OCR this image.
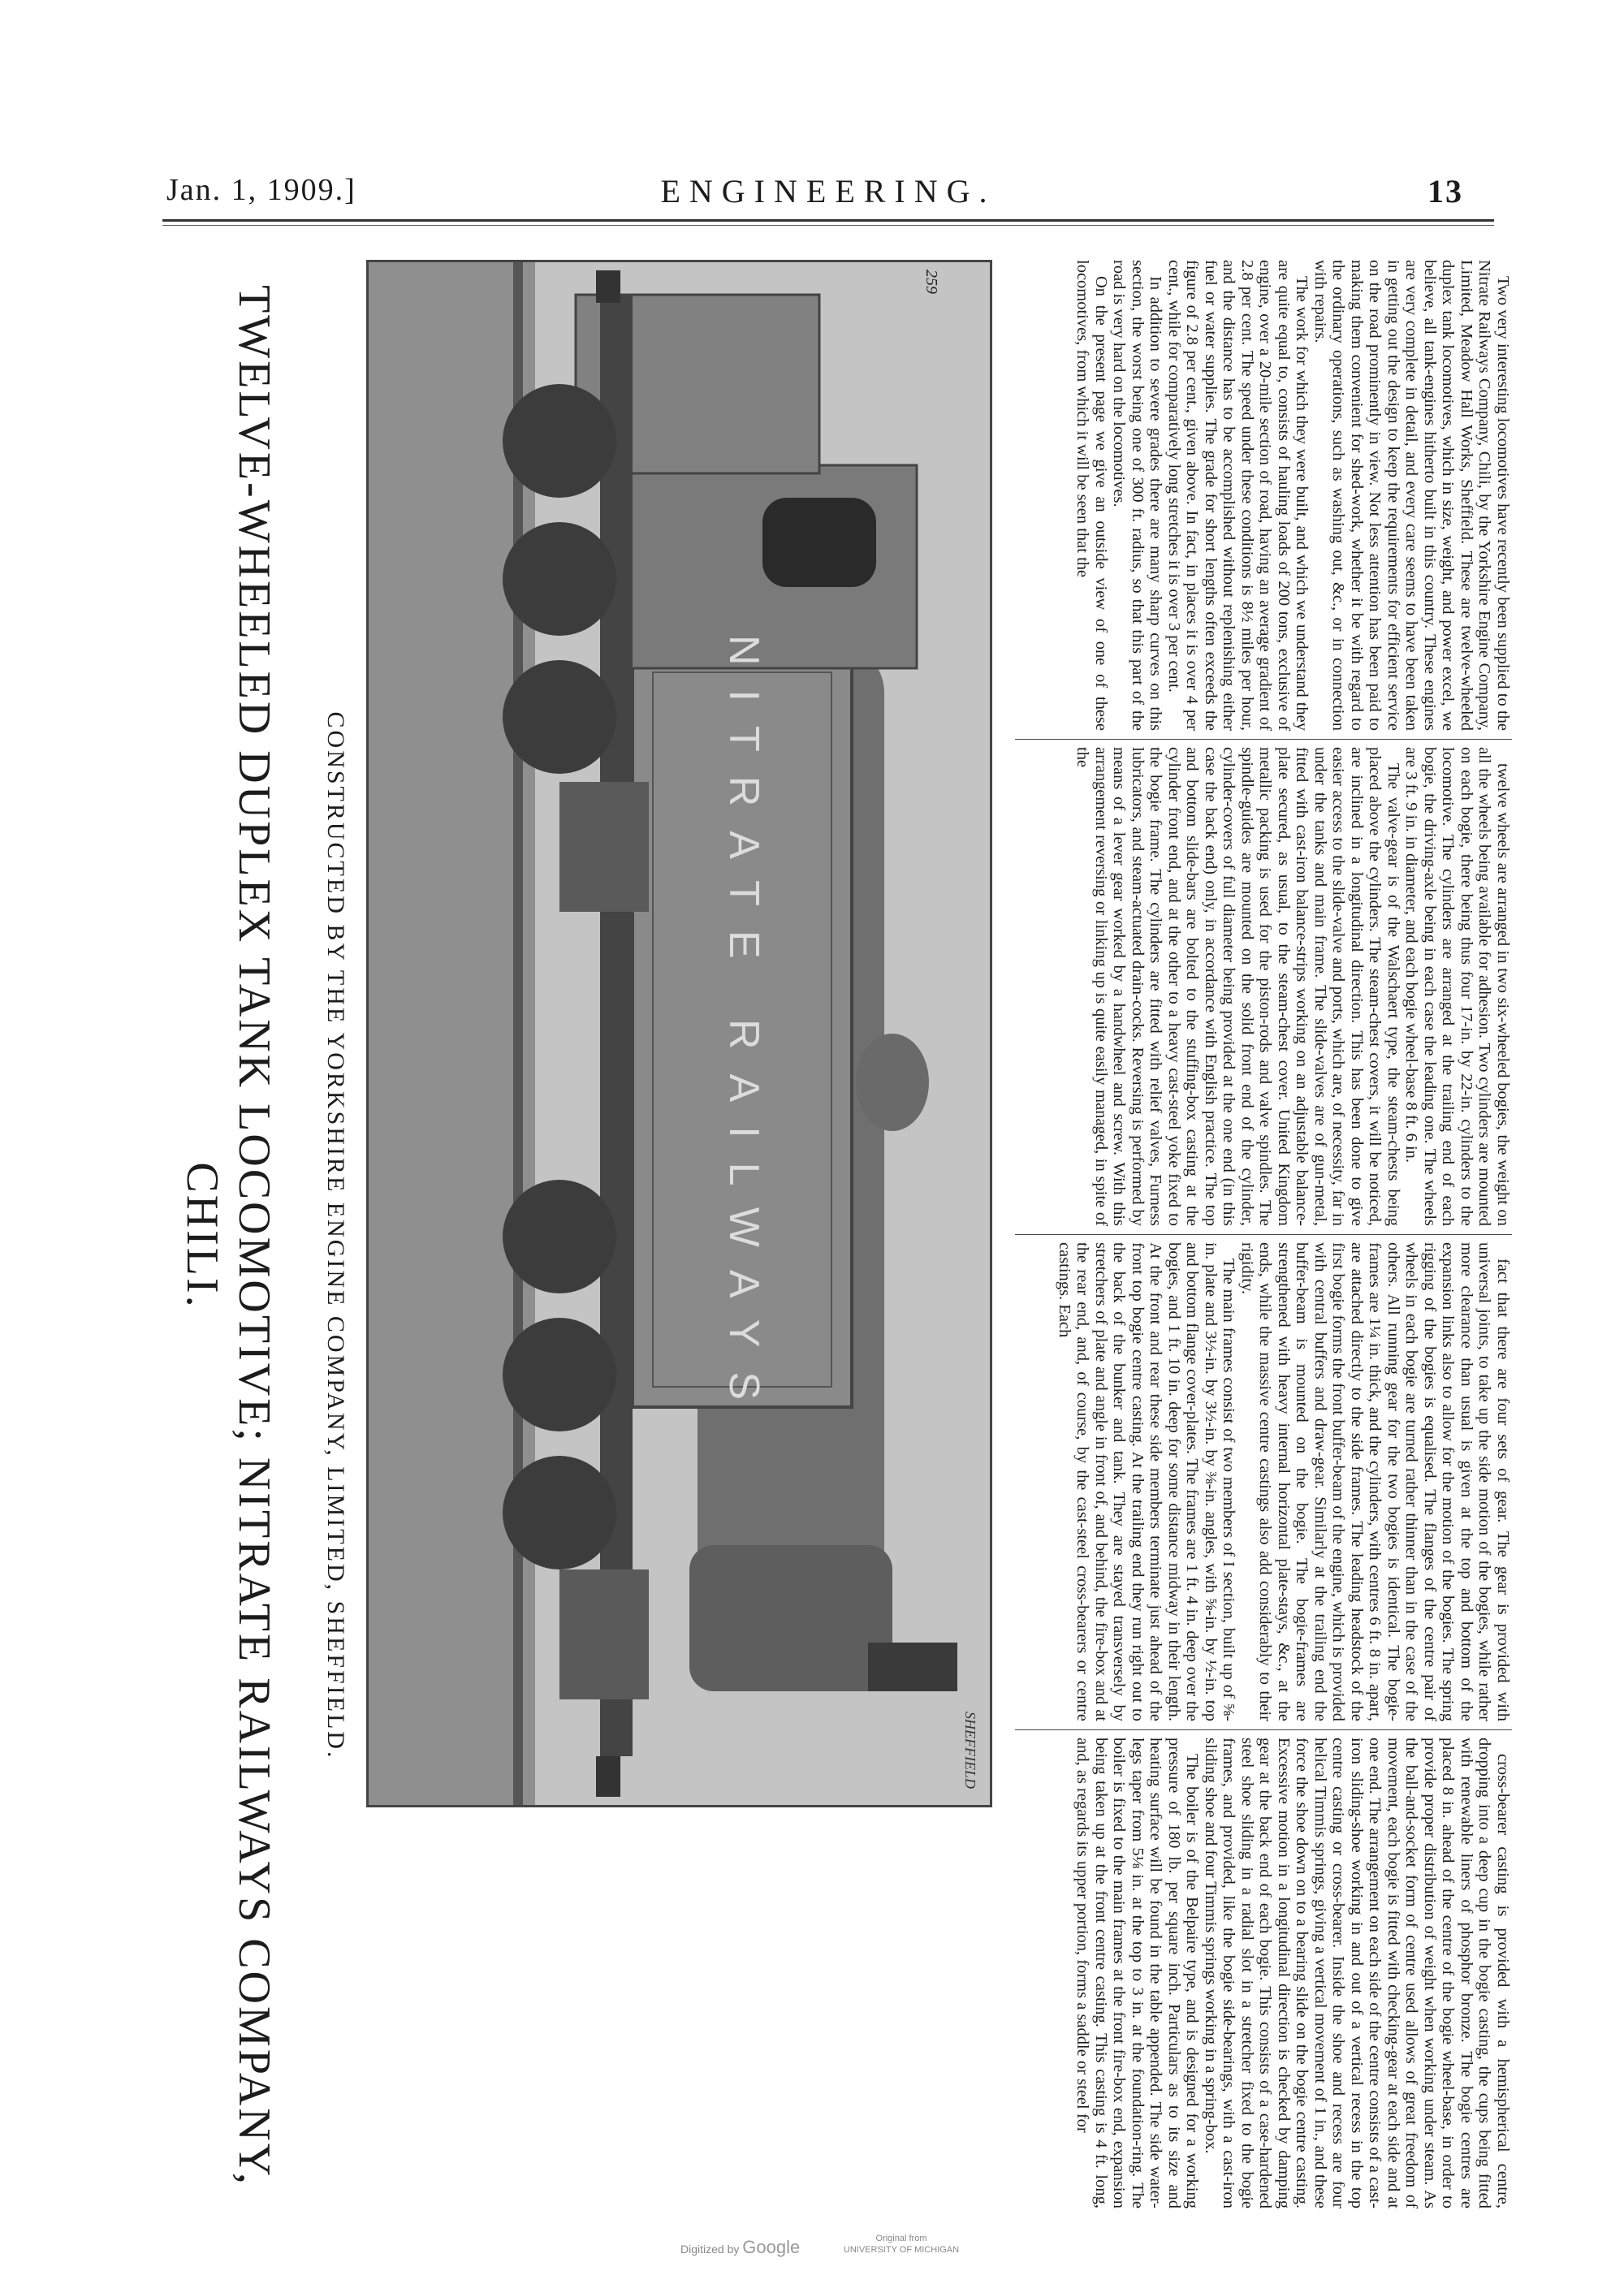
Jan. 1, 1909.]	ENGINEERING.	13
TWELVE-WHEELED DUPLEX TANK LOCOMOTIVE; NITRATE RAILWAYS COMPANY, CHILI.	CONSTRUCTED BY THE YORKSHIRE ENGINE COMPANY, LIMITED, SHEFFIELD.	NITRATE RAILWAYS
SHEFFIELD
259	Two very interesting locomotives have recently been supplied to the Nitrate Railways Company, Chili, by the Yorkshire Engine Company, Limited, Meadow Hall Works, Sheffield. These are twelve-wheeled duplex tank locomotives, which in size, weight, and power excel, we believe, all tank-engines hitherto built in this country. These engines are very complete in detail, and every care seems to have been taken in getting out the design to keep the requirements for efficient service on the road prominently in view. Not less attention has been paid to making them convenient for shed-work, whether it be with regard to the ordinary operations, such as washing out, &c., or in connection with repairs.

The work for which they were built, and which we understand they are quite equal to, consists of hauling loads of 200 tons, exclusive of engine, over a 20-mile section of road, having an average gradient of 2.8 per cent. The speed under these conditions is 8½ miles per hour, and the distance has to be accomplished without replenishing either fuel or water supplies. The grade for short lengths often exceeds the figure of 2.8 per cent., given above. In fact, in places it is over 4 per cent., while for comparatively long stretches it is over 3 per cent.

In addition to severe grades there are many sharp curves on this section, the worst being one of 300 ft. radius, so that this part of the road is very hard on the locomotives.

On the present page we give an outside view of one of these locomotives, from which it will be seen that the

twelve wheels are arranged in two six-wheeled bogies, the weight on all the wheels being available for adhesion. Two cylinders are mounted on each bogie, there being thus four 17-in. by 22-in. cylinders to the locomotive. The cylinders are arranged at the trailing end of each bogie, the driving-axle being in each case the leading one. The wheels are 3 ft. 9 in. in diameter, and each bogie wheel-base 8 ft. 6 in.

The valve-gear is of the Walschaert type, the steam-chests being placed above the cylinders. The steam-chest covers, it will be noticed, are inclined in a longitudinal direction. This has been done to give easier access to the slide-valve and ports, which are, of necessity, far in under the tanks and main frame. The slide-valves are of gun-metal, fitted with cast-iron balance-strips working on an adjustable balance-plate secured, as usual, to the steam-chest cover. United Kingdom metallic packing is used for the piston-rods and valve spindles. The spindle-guides are mounted on the solid front end of the cylinder, cylinder-covers of full diameter being provided at the one end (in this case the back end) only, in accordance with English practice. The top and bottom slide-bars are bolted to the stuffing-box casting at the cylinder front end, and at the other to a heavy cast-steel yoke fixed to the bogie frame. The cylinders are fitted with relief valves, Furness lubricators, and steam-actuated drain-cocks. Reversing is performed by means of a lever gear worked by a handwheel and screw. With this arrangement reversing or linking up is quite easily managed, in spite of the

fact that there are four sets of gear. The gear is provided with universal joints, to take up the side motion of the bogies, while rather more clearance than usual is given at the top and bottom of the expansion links also to allow for the motion of the bogies. The spring rigging of the bogies is equalised. The flanges of the centre pair of wheels in each bogie are turned rather thinner than in the case of the others. All running gear for the two bogies is identical. The bogie-frames are 1¼ in. thick, and the cylinders, with centres 6 ft. 8 in. apart, are attached directly to the side frames. The leading headstock of the first bogie forms the front buffer-beam of the engine, which is provided with central buffers and draw-gear. Similarly at the trailing end the buffer-beam is mounted on the bogie. The bogie-frames are strengthened with heavy internal horizontal plate-stays, &c., at the ends, while the massive centre castings also add considerably to their rigidity.

The main frames consist of two members of I section, built up of ⅝-in. plate and 3½-in. by 3½-in. by ⅜-in. angles, with ⅝-in. by ½-in. top and bottom flange cover-plates. The frames are 1 ft. 4 in. deep over the bogies, and 1 ft. 10 in. deep for some distance midway in their length. At the front and rear these side members terminate just ahead of the front top bogie centre casting. At the trailing end they run right out to the back of the bunker and tank. They are stayed transversely by stretchers of plate and angle in front of, and behind, the fire-box and at the rear end, and, of course, by the cast-steel cross-bearers or centre castings. Each

cross-bearer casting is provided with a hemispherical centre, dropping into a deep cup in the bogie casting, the cups being fitted with renewable liners of phosphor bronze. The bogie centres are placed 8 in. ahead of the centre of the bogie wheel-base, in order to provide proper distribution of weight when working under steam. As the ball-and-socket form of centre used allows of great freedom of movement, each bogie is fitted with checking-gear at each side and at one end. The arrangement on each side of the centre consists of a cast-iron sliding-shoe working in and out of a vertical recess in the top centre casting or cross-bearer. Inside the shoe and recess are four helical Timmis springs, giving a vertical movement of 1 in., and these force the shoe down on to a bearing slide on the bogie centre casting. Excessive motion in a longitudinal direction is checked by damping gear at the back end of each bogie. This consists of a case-hardened steel shoe sliding in a radial slot in a stretcher fixed to the bogie frames, and provided, like the bogie side-bearings, with a cast-iron sliding shoe and four Timmis springs working in a spring-box.

The boiler is of the Belpaire type, and is designed for a working pressure of 180 lb. per square inch. Particulars as to its size and heating surface will be found in the table appended. The side water-legs taper from 5⅛ in. at the top to 3 in. at the foundation-ring. The boiler is fixed to the main frames at the front fire-box end, expansion being taken up at the front centre casting. This casting is 4 ft. long, and, as regards its upper portion, forms a saddle or steel for

Digitized by Google	Original from
UNIVERSITY OF MICHIGAN
